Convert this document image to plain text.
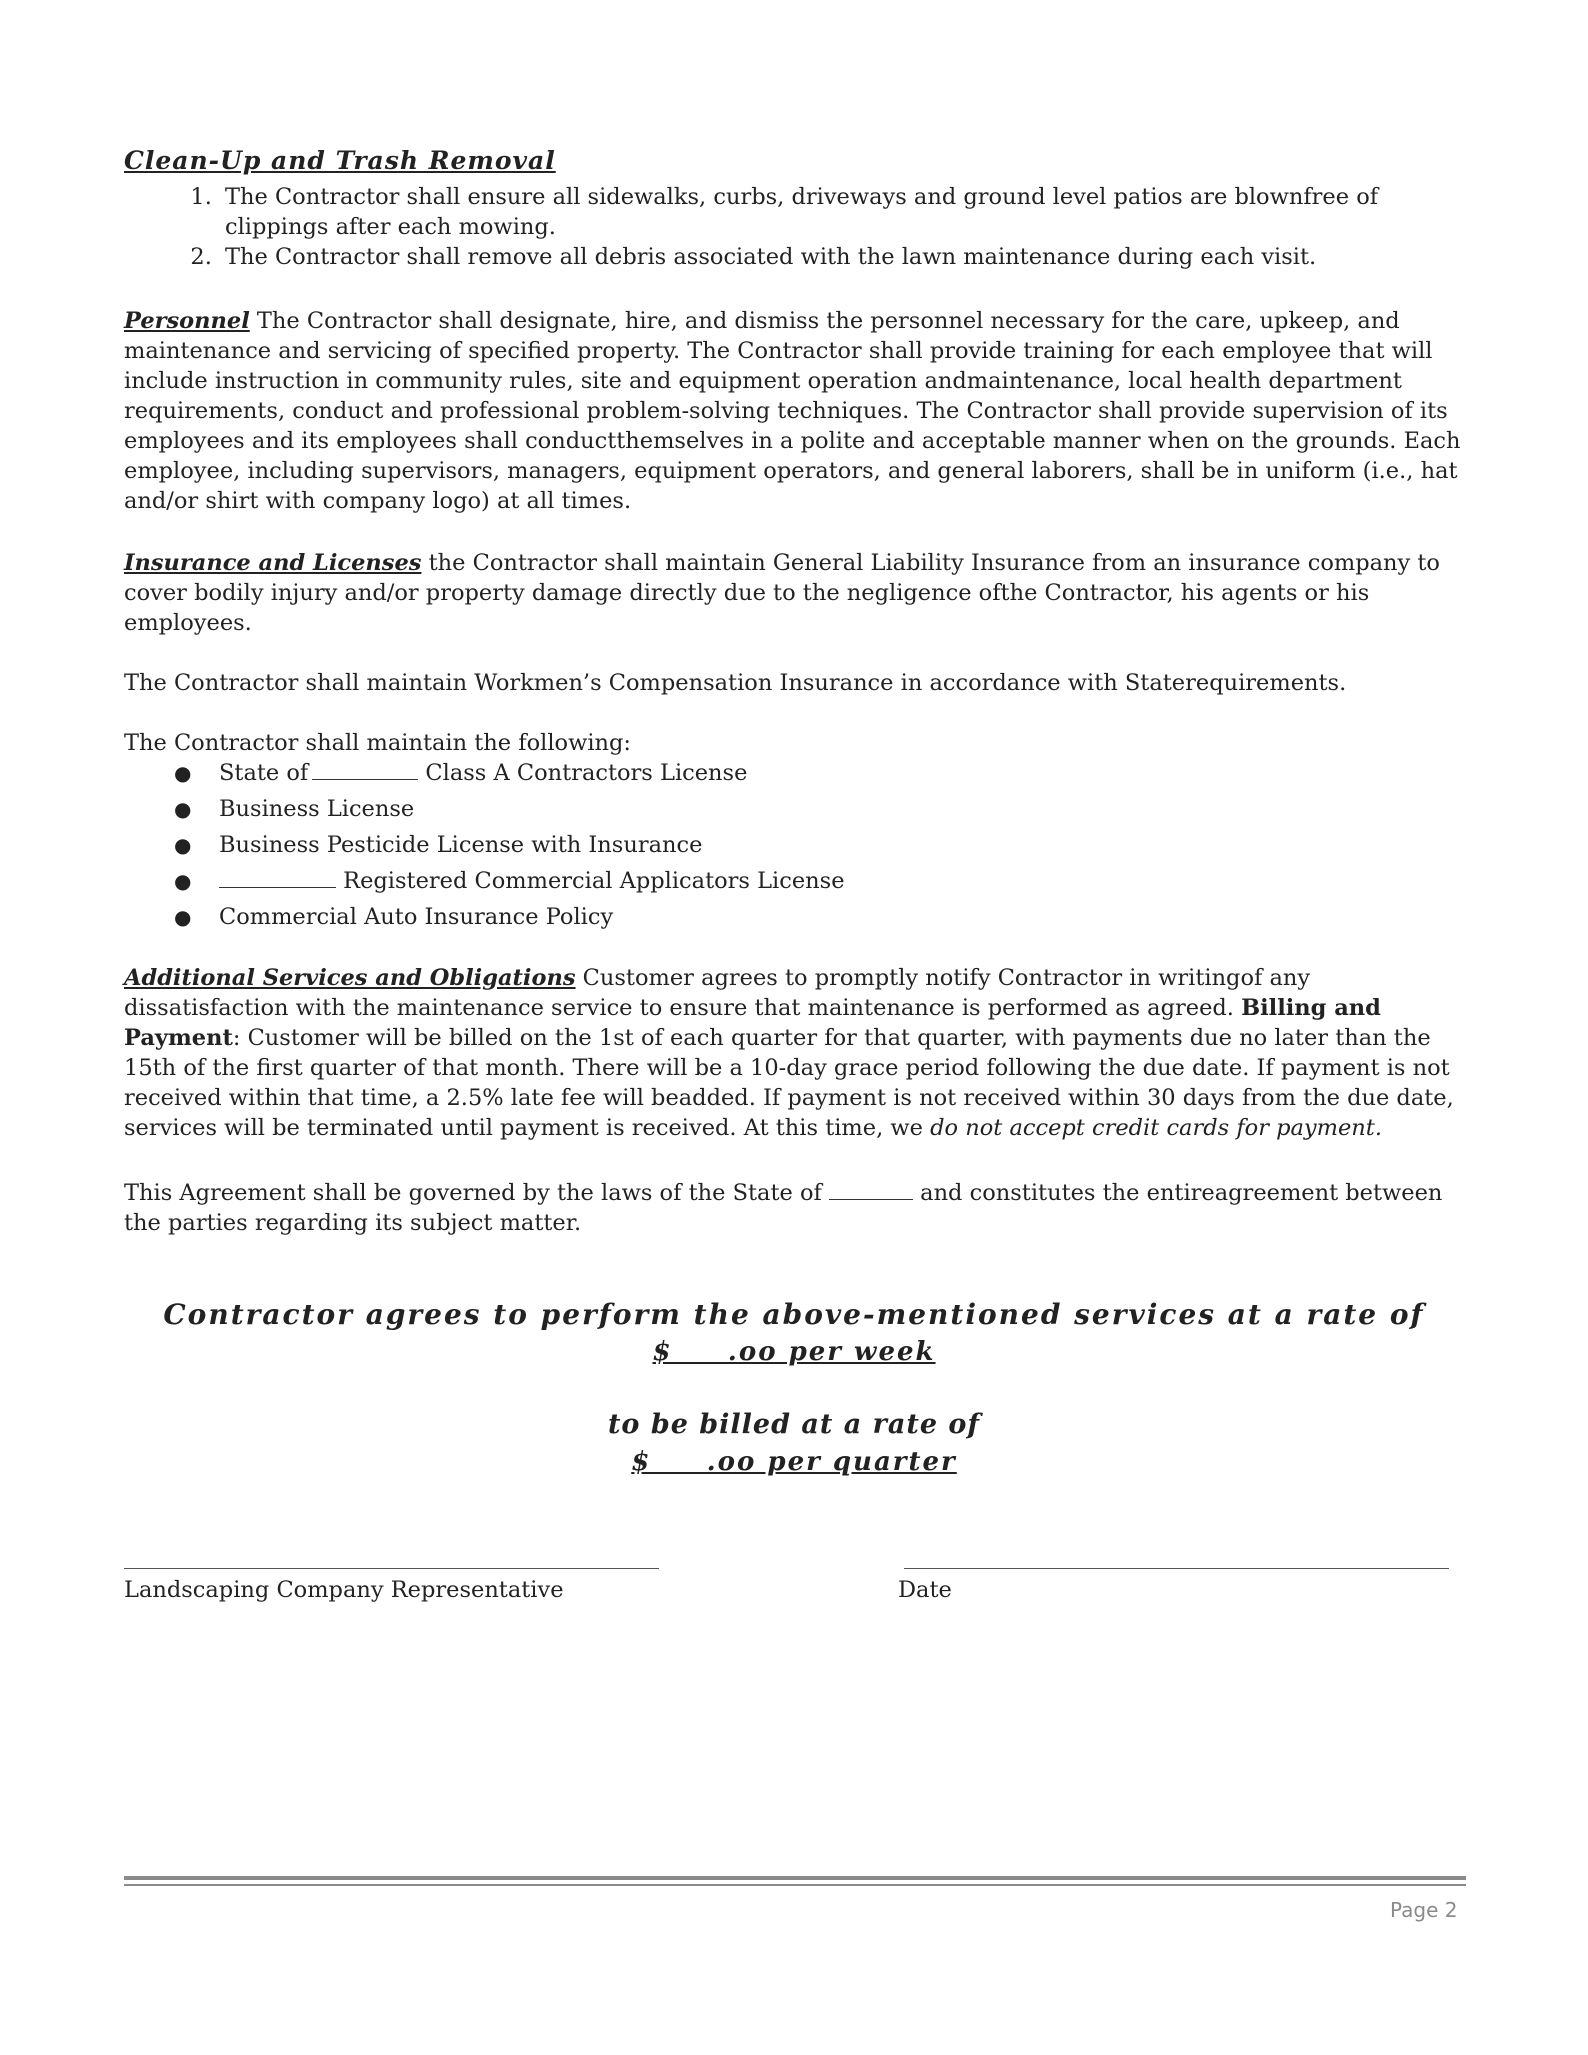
Clean-Up and Trash Removal
1. The Contractor shall ensure all sidewalks, curbs, driveways and ground level patios are blownfree of clippings after each mowing.
2. The Contractor shall remove all debris associated with the lawn maintenance during each visit.

Personnel The Contractor shall designate, hire, and dismiss the personnel necessary for the care, upkeep, and maintenance and servicing of specified property. The Contractor shall provide training for each employee that will include instruction in community rules, site and equipment operation andmaintenance, local health department requirements, conduct and professional problem-solving techniques. The Contractor shall provide supervision of its employees and its employees shall conductthemselves in a polite and acceptable manner when on the grounds. Each employee, including supervisors, managers, equipment operators, and general laborers, shall be in uniform (i.e., hat and/or shirt with company logo) at all times.

Insurance and Licenses the Contractor shall maintain General Liability Insurance from an insurance company to cover bodily injury and/or property damage directly due to the negligence ofthe Contractor, his agents or his employees.

The Contractor shall maintain Workmen’s Compensation Insurance in accordance with Staterequirements.

The Contractor shall maintain the following:

● State of	Class A Contractors License
● Business License
● Business Pesticide License with Insurance
●	Registered Commercial Applicators License
● Commercial Auto Insurance Policy

Additional Services and Obligations Customer agrees to promptly notify Contractor in writingof any dissatisfaction with the maintenance service to ensure that maintenance is performed as agreed. Billing and Payment: Customer will be billed on the 1st of each quarter for that quarter, with payments due no later than the 15th of the first quarter of that month. There will be a 10-day grace period following the due date. If payment is not received within that time, a 2.5% late fee will beadded. If payment is not received within 30 days from the due date, services will be terminated until payment is received. At this time, we do not accept credit cards for payment.

This Agreement shall be governed by the laws of the State of	and constitutes the entireagreement between the parties regarding its subject matter.

Contractor agrees to perform the above-mentioned services at a rate of
$     .oo per week
to be billed at a rate of
$     .oo per quarter
Landscaping Company Representative	Date
Page 2
